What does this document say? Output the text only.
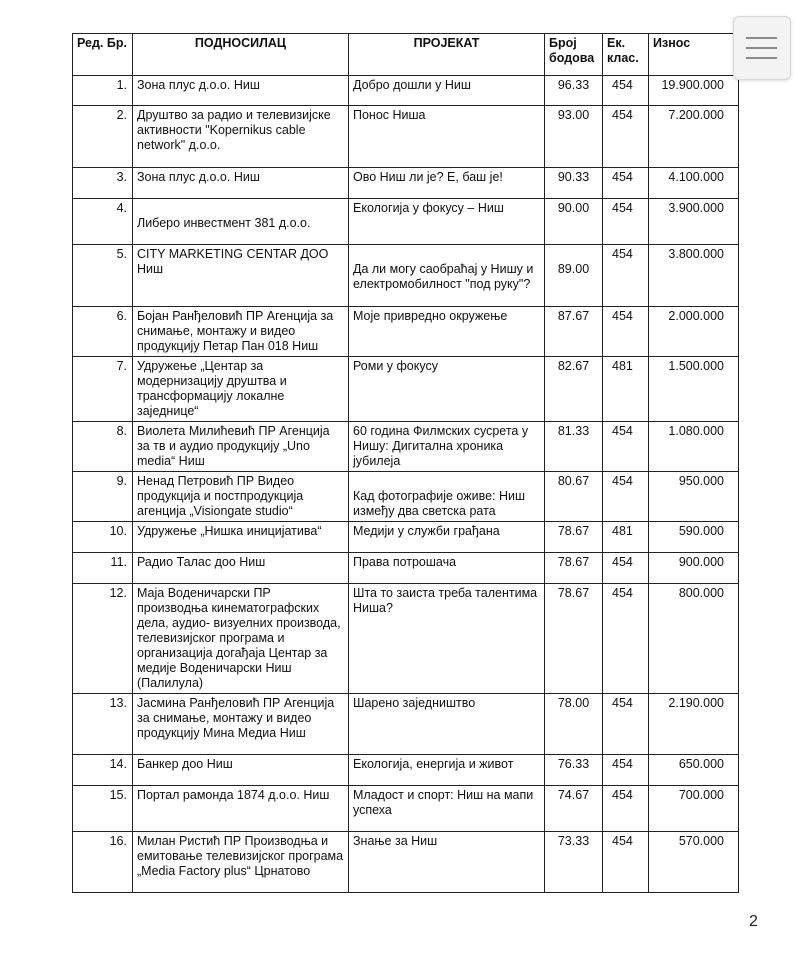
Ред. Бр.	ПОДНОСИЛАЦ	ПРОЈЕКАТ	Број бодова	Ек. клас.	Износ
1.	Зона плус д.о.о. Ниш	Добро дошли у Ниш	96.33	454	19.900.000
2.	Друштво за радио и телевизијске активности "Kopernikus cable network" д.о.о.	Понос Ниша	93.00	454	7.200.000
3.	Зона плус д.о.о. Ниш	Ово Ниш ли је? Е, баш је!	90.33	454	4.100.000
4.	Либеро инвестмент 381 д.о.о.	Екологија у фокусу – Ниш	90.00	454	3.900.000
5.	CITY MARKETING CENTAR ДОО Ниш	Да ли могу саобраћај у Нишу и електромобилност "под руку"?	89.00	454	3.800.000
6.	Бојан Ранђеловић ПР Агенција за снимање, монтажу и видео продукцију Петар Пан 018 Ниш	Моје привредно окружење	87.67	454	2.000.000
7.	Удружење „Центар за модернизацију друштва и трансформацију локалне заједнице“	Роми у фокусу	82.67	481	1.500.000
8.	Виолета Милићевић ПР Агенција за тв и аудио продукцију „Uno media“ Ниш	60 година Филмских сусрета у Нишу: Дигитална хроника јубилеја	81.33	454	1.080.000
9.	Ненад Петровић ПР Видео продукција и постпродукција агенција „Visiongate studio“	Кад фотографије оживе: Ниш између два светска рата	80.67	454	950.000
10.	Удружење „Нишка иницијатива“	Медији у служби грађана	78.67	481	590.000
11.	Радио Талас доо Ниш	Права потрошача	78.67	454	900.000
12.	Маја Водeничарски ПР производња кинематографских дела, аудио- визуелних производа, телевизијског програма и организација догађаја Центар за медије Воденичарски Ниш (Палилула)	Шта то заиста треба талентима Ниша?	78.67	454	800.000
13.	Јасмина Ранђеловић ПР Агенција за снимање, монтажу и видео продукцију Мина Медиа Ниш	Шарено заједништво	78.00	454	2.190.000
14.	Банкер доо Ниш	Екологија, енергија и живот	76.33	454	650.000
15.	Портал рамонда 1874 д.о.о. Ниш	Младост и спорт: Ниш на мапи успеха	74.67	454	700.000
16.	Милан Ристић ПР Производња и емитовање телевизијског програма „Media Factory plus“ Црнатово	Знање за Ниш	73.33	454	570.000
2
